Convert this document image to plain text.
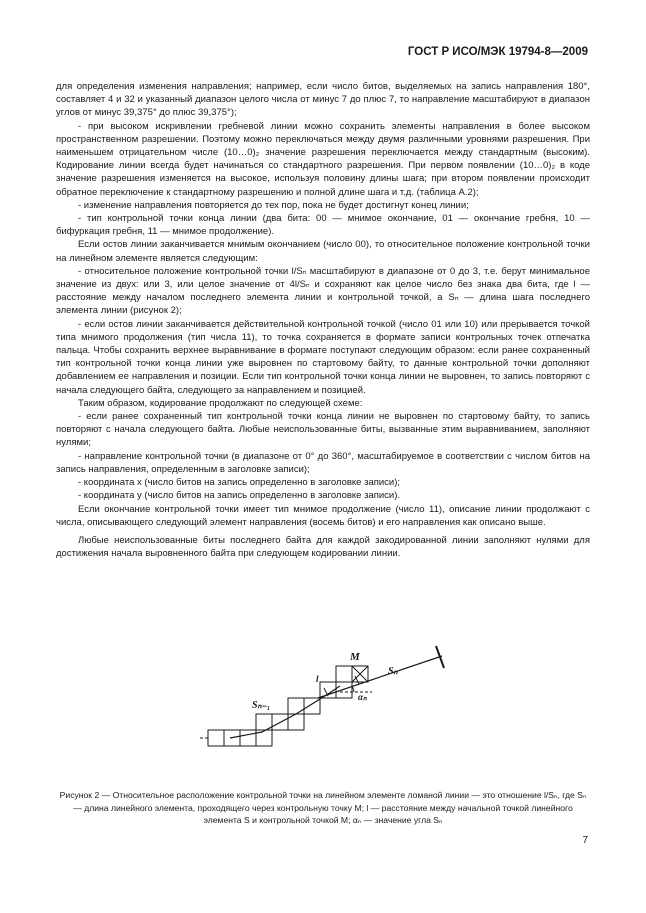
ГОСТ Р ИСО/МЭК 19794-8—2009

для определения изменения направления; например, если число битов, выделяемых на запись направления 180°, составляет 4 и 32 и указанный диапазон целого числа от минус 7 до плюс 7, то направление масштабируют в диапазон углов от минус 39,375° до плюс 39,375°);

- при высоком искривлении гребневой линии можно сохранить элементы направления в более высоком пространственном разрешении. Поэтому можно переключаться между двумя различными уровнями разрешения. При наименьшем отрицательном числе (10…0)₂ значение разрешения переключается между стандартным (высоким). Кодирование линии всегда будет начинаться со стандартного разрешения. При первом появлении (10…0)₂ в коде значение разрешения изменяется на высокое, используя половину длины шага; при втором появлении происходит обратное переключение к стандартному разрешению и полной длине шага и т.д. (таблица А.2);

- изменение направления повторяется до тех пор, пока не будет достигнут конец линии;

- тип контрольной точки конца линии (два бита: 00 — мнимое окончание, 01 — окончание гребня, 10 — бифуркация гребня, 11 — мнимое продолжение).

Если остов линии заканчивается мнимым окончанием (число 00), то относительное положение контрольной точки на линейном элементе является следующим:

- относительное положение контрольной точки l/Sₙ масштабируют в диапазоне от 0 до 3, т.е. берут минимальное значение из двух: или 3, или целое значение от 4l/Sₙ и сохраняют как целое число без знака два бита, где l — расстояние между началом последнего элемента линии и контрольной точкой, а Sₙ — длина шага последнего элемента линии (рисунок 2);

- если остов линии заканчивается действительной контрольной точкой (число 01 или 10) или прерывается точкой типа мнимого продолжения (тип числа 11), то точка сохраняется в формате записи контрольных точек отпечатка пальца. Чтобы сохранить верхнее выравнивание в формате поступают следующим образом: если ранее сохраненный тип контрольной точки конца линии уже выровнен по стартовому байту, то данные контрольной точки дополняют добавлением ее направления и позиции. Если тип контрольной точки конца линии не выровнен, то запись повторяют с начала следующего байта, следующего за направлением и позицией.

Таким образом, кодирование продолжают по следующей схеме:

- если ранее сохраненный тип контрольной точки конца линии не выровнен по стартовому байту, то запись повторяют с начала следующего байта. Любые неиспользованные биты, вызванные этим выравниванием, заполняют нулями;

- направление контрольной точки (в диапазоне от 0° до 360°, масштабируемое в соответствии с числом битов на запись направления, определенным в заголовке записи);

- координата x (число битов на запись определенно в заголовке записи);

- координата y (число битов на запись определенно в заголовке записи).

Если окончание контрольной точки имеет тип мнимое продолжение (число 11), описание линии продолжают с числа, описывающего следующий элемент направления (восемь битов) и его направления как описано выше.

Любые неиспользованные биты последнего байта для каждой закодированной линии заполняют нулями для достижения начала выровненного байта при следующем кодировании линии.

M
Sₙ
Sₙ₋₁
l
αₙ
Рисунок 2 — Относительное расположение контрольной точки на линейном элементе ломаной линии — это отношение l/Sₙ, где Sₙ — длина линейного элемента, проходящего через контрольную точку M; l — расстояние между начальной точкой линейного элемента S и контрольной точкой M; αₙ — значение угла Sₙ
7
